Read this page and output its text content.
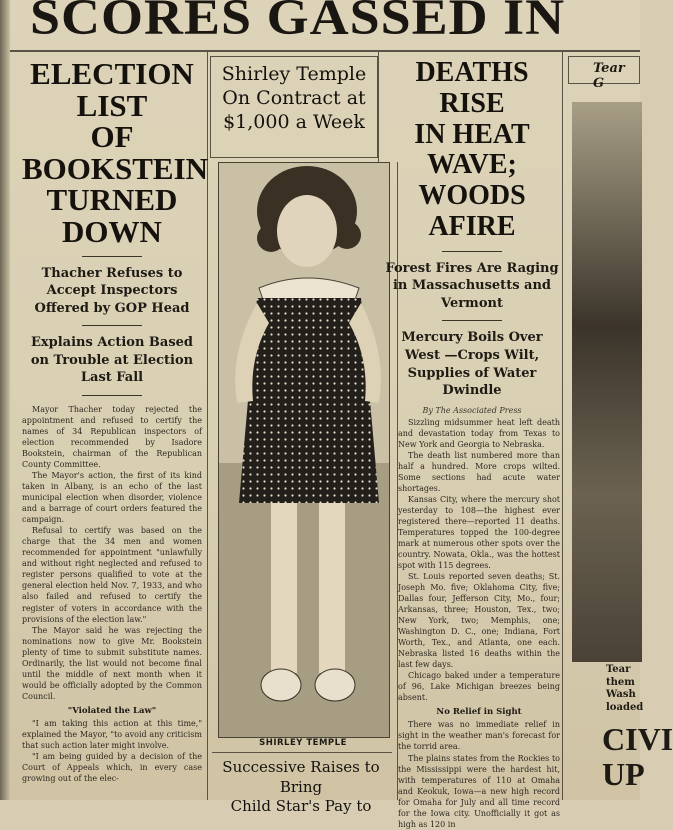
SCORES GASSED IN

ELECTION LIST
OF BOOKSTEIN
TURNED DOWN

Thacher Refuses to Accept Inspectors Offered by GOP Head

Explains Action Based on Trouble at Election Last Fall

Mayor Thacher today rejected the appointment and refused to certify the names of 34 Republican inspectors of election recommended by Isadore Bookstein, chairman of the Republican County Committee.

The Mayor's action, the first of its kind taken in Albany, is an echo of the last municipal election when disorder, violence and a barrage of court orders featured the campaign.

Refusal to certify was based on the charge that the 34 men and women recommended for appointment "unlawfully and without right neglected and refused to register persons qualified to vote at the general election held Nov. 7, 1933, and who also failed and refused to certify the register of voters in accordance with the provisions of the election law."

The Mayor said he was rejecting the nominations now to give Mr. Bookstein plenty of time to submit substitute names. Ordinarily, the list would not become final until the middle of next month when it would be officially adopted by the Common Council.

"Violated the Law"

"I am taking this action at this time," explained the Mayor, "to avoid any criticism that such action later might involve.

"I am being guided by a decision of the Court of Appeals which, in every case growing out of the elec-

Shirley Temple
On Contract at
$1,000 a Week

SHIRLEY TEMPLE

Successive Raises to Bring
Child Star's Pay to

DEATHS RISE
IN HEAT WAVE;
WOODS AFIRE

Forest Fires Are Raging in Massachusetts and Vermont

Mercury Boils Over West —Crops Wilt, Supplies of Water Dwindle

By The Associated Press

Sizzling midsummer heat left death and devastation today from Texas to New York and Georgia to Nebraska.

The death list numbered more than half a hundred. More crops wilted. Some sections had acute water shortages.

Kansas City, where the mercury shot yesterday to 108—the highest ever registered there—reported 11 deaths. Temperatures topped the 100-degree mark at numerous other spots over the country. Nowata, Okla., was the hottest spot with 115 degrees.

St. Louis reported seven deaths; St. Joseph Mo. five; Oklahoma City, five; Dallas four, Jefferson City, Mo., four; Arkansas, three; Houston, Tex., two; New York, two; Memphis, one; Washington D. C., one; Indiana, Fort Worth, Tex., and Atlanta, one each. Nebraska listed 16 deaths within the last few days.

Chicago baked under a temperature of 96, Lake Michigan breezes being absent.

No Relief in Sight

There was no immediate relief in sight in the weather man's forecast for the torrid area.

The plains states from the Rockies to the Mississippi were the hardest hit, with temperatures of 110 at Omaha and Keokuk, Iowa—a new high record for Omaha for July and all time record for the Iowa city. Unofficially it got as high as 120 in

Tear G
Tear
them
Wash
loaded
CIVI
UP
